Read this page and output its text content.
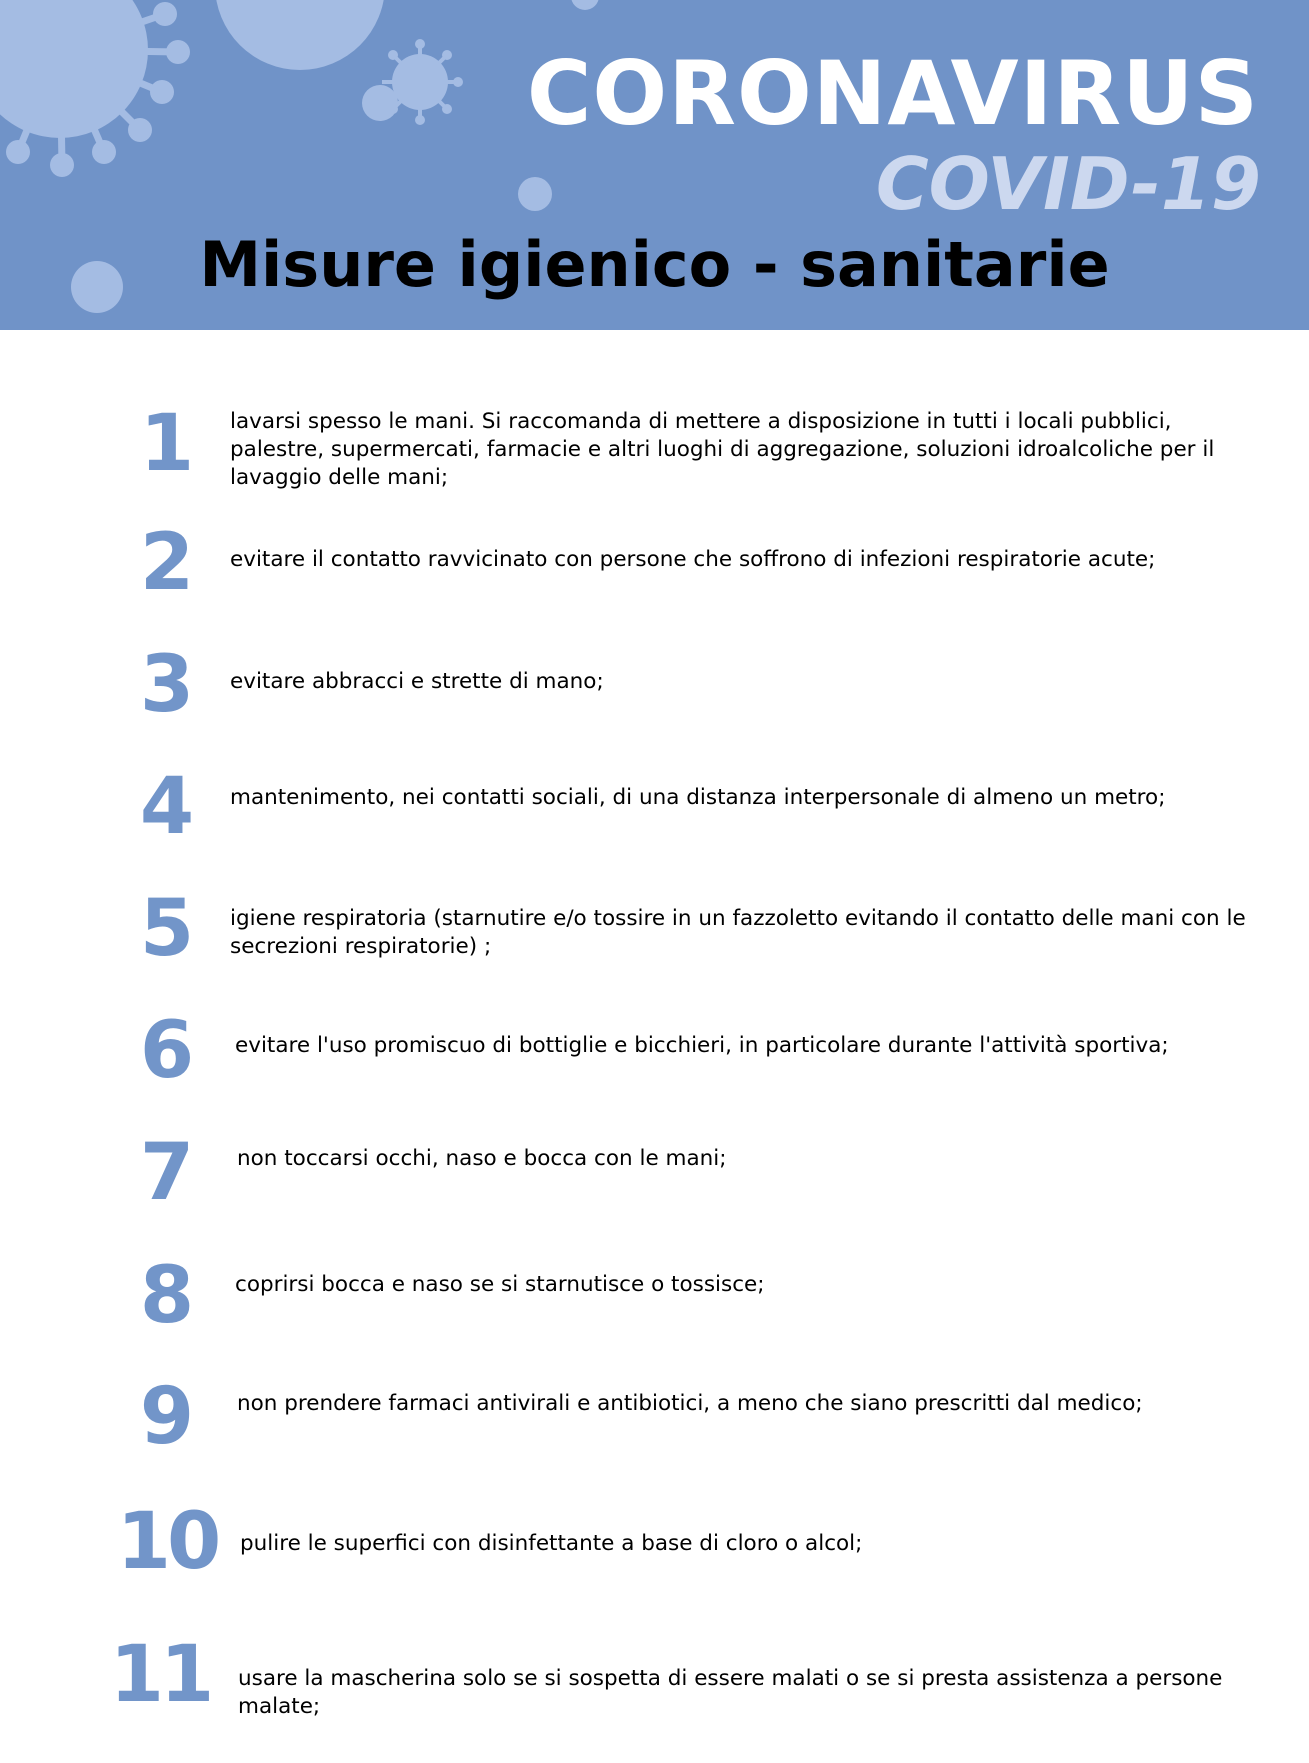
CORONAVIRUS
COVID-19
Misure igienico - sanitarie
1	lavarsi spesso le mani. Si raccomanda di mettere a disposizione in tutti i locali pubblici, palestre, supermercati, farmacie e altri luoghi di aggregazione, soluzioni idroalcoliche per il lavaggio delle mani;
2	evitare il contatto ravvicinato con persone che soffrono di infezioni respiratorie acute;
3	evitare abbracci e strette di mano;
4	mantenimento, nei contatti sociali, di una distanza interpersonale di almeno un metro;
5	igiene respiratoria (starnutire e/o tossire in un fazzoletto evitando il contatto delle mani con le secrezioni respiratorie) ;
6	evitare l'uso promiscuo di bottiglie e bicchieri, in particolare durante l'attività sportiva;
7	non toccarsi occhi, naso e bocca con le mani;
8	coprirsi bocca e naso se si starnutisce o tossisce;
9	non prendere farmaci antivirali e antibiotici, a meno che siano prescritti dal medico;
10	pulire le superfici con disinfettante a base di cloro o alcol;
11	usare la mascherina solo se si sospetta di essere malati o se si presta assistenza a persone malate;
